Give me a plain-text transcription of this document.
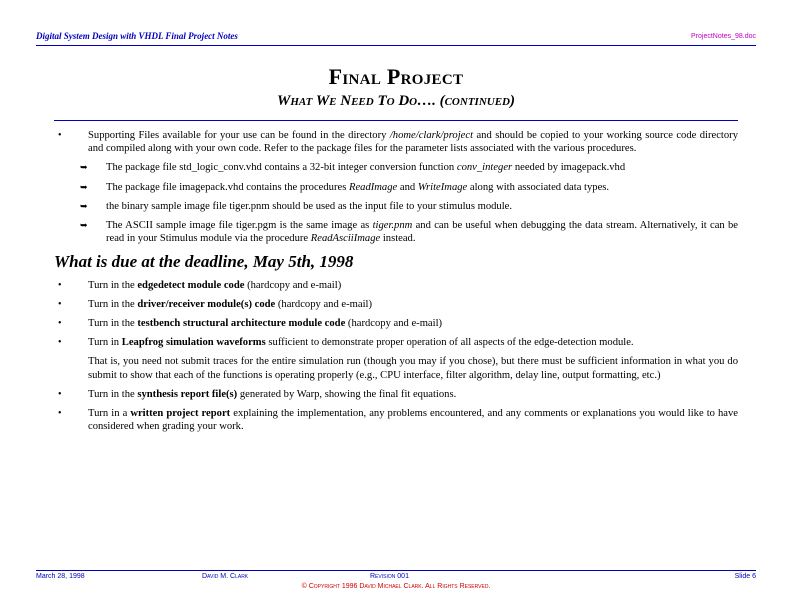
Digital System Design with VHDL Final Project Notes	ProjectNotes_98.doc
Final Project
What We Need To Do…. (continued)
• Supporting Files available for your use can be found in the directory /home/clark/project and should be copied to your working source code directory and compiled along with your own code. Refer to the package files for the parameter lists associated with the various procedures.
➥ The package file std_logic_conv.vhd contains a 32-bit integer conversion function conv_integer needed by imagepack.vhd
➥ The package file imagepack.vhd contains the procedures ReadImage and WriteImage along with associated data types.
➥ the binary sample image file tiger.pnm should be used as the input file to your stimulus module.
➥ The ASCII sample image file tiger.pgm is the same image as tiger.pnm and can be useful when debugging the data stream. Alternatively, it can be read in your Stimulus module via the procedure ReadAsciiImage instead.
What is due at the deadline, May 5th, 1998
• Turn in the edgedetect module code (hardcopy and e-mail)
• Turn in the driver/receiver module(s) code (hardcopy and e-mail)
• Turn in the testbench structural architecture module code (hardcopy and e-mail)
• Turn in Leapfrog simulation waveforms sufficient to demonstrate proper operation of all aspects of the edge-detection module.
That is, you need not submit traces for the entire simulation run (though you may if you chose), but there must be sufficient information in what you do submit to show that each of the functions is operating properly (e.g., CPU interface, filter algorithm, delay line, output formatting, etc.)
• Turn in the synthesis report file(s) generated by Warp, showing the final fit equations.
• Turn in a written project report explaining the implementation, any problems encountered, and any comments or explanations you would like to have considered when grading your work.
March 28, 1998	David M. Clark	Revision 001	Slide 6
© Copyright 1996 David Michael Clark. All Rights Reserved.
